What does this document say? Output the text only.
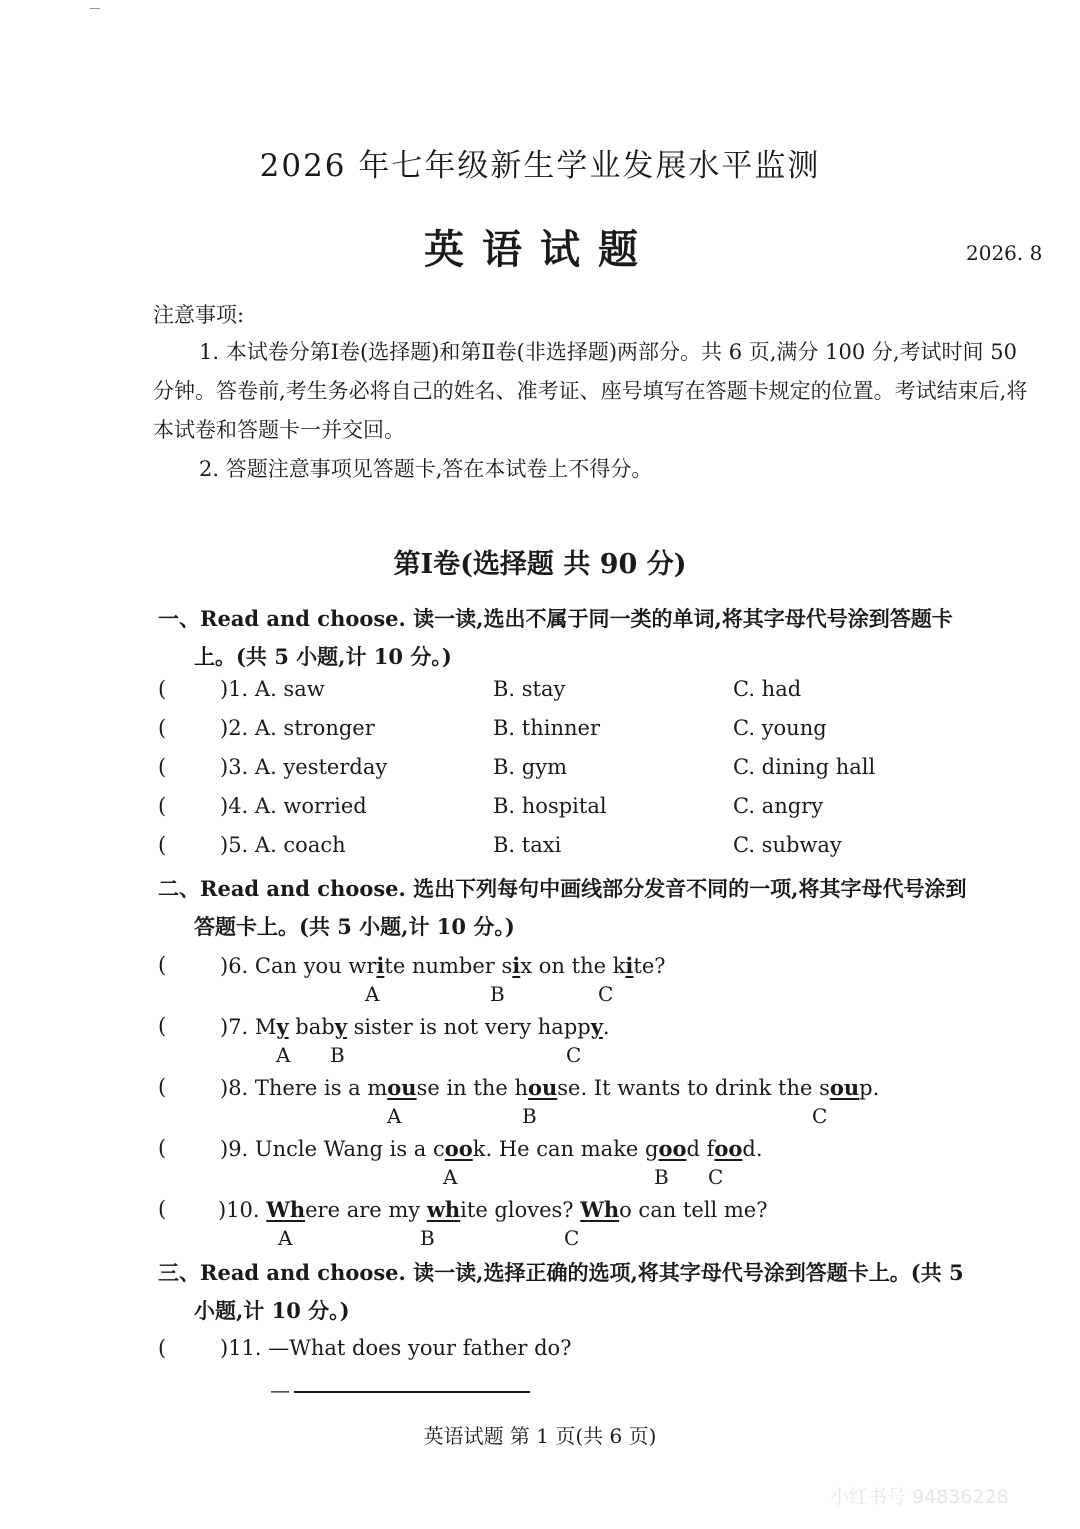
2026 年七年级新生学业发展水平监测
英语试题	2026. 8
注意事项:
1. 本试卷分第Ⅰ卷(选择题)和第Ⅱ卷(非选择题)两部分。共 6 页,满分 100 分,考试时间 50 分钟。答卷前,考生务必将自己的姓名、准考证、座号填写在答题卡规定的位置。考试结束后,将本试卷和答题卡一并交回。
2. 答题注意事项见答题卡,答在本试卷上不得分。
第Ⅰ卷(选择题 共 90 分)
一、Read and choose. 读一读,选出不属于同一类的单词,将其字母代号涂到答题卡
上。(共 5 小题,计 10 分。)
(	)1. A. saw	B. stay	C. had
(	)2. A. stronger	B. thinner	C. young
(	)3. A. yesterday	B. gym	C. dining hall
(	)4. A. worried	B. hospital	C. angry
(	)5. A. coach	B. taxi	C. subway
二、Read and choose. 选出下列每句中画线部分发音不同的一项,将其字母代号涂到
答题卡上。(共 5 小题,计 10 分。)
(	)6. Can you write number six on the kite?
A	B	C
(	)7. My baby sister is not very happy.
A B	C
(	)8. There is a mouse in the house. It wants to drink the soup.
A	B	C
(	)9. Uncle Wang is a cook. He can make good food.
A	B C
( )10. Where are my white gloves? Who can tell me?
A	B	C
三、Read and choose. 读一读,选择正确的选项,将其字母代号涂到答题卡上。(共 5
小题,计 10 分。)
(	)11. —What does your father do?
—
英语试题 第 1 页(共 6 页)
小红书号 94836228
